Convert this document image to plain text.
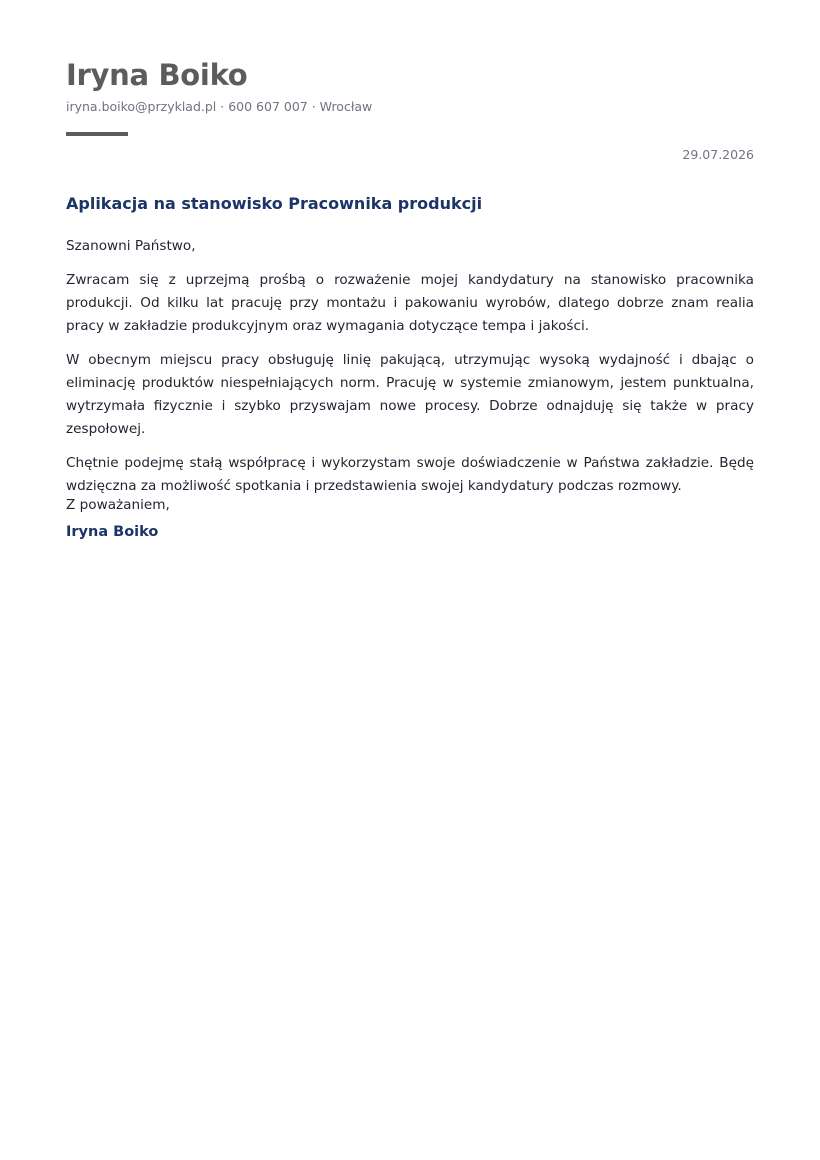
Iryna Boiko
iryna.boiko@przyklad.pl · 600 607 007 · Wrocław
29.07.2026
Aplikacja na stanowisko Pracownika produkcji

Szanowni Państwo,

Zwracam się z uprzejmą prośbą o rozważenie mojej kandydatury na stanowisko pracownika produkcji. Od kilku lat pracuję przy montażu i pakowaniu wyrobów, dlatego dobrze znam realia pracy w zakładzie produkcyjnym oraz wymagania dotyczące tempa i jakości.

W obecnym miejscu pracy obsługuję linię pakującą, utrzymując wysoką wydajność i dbając o eliminację produktów niespełniających norm. Pracuję w systemie zmianowym, jestem punktualna, wytrzymała fizycznie i szybko przyswajam nowe procesy. Dobrze odnajduję się także w pracy zespołowej.

Chętnie podejmę stałą współpracę i wykorzystam swoje doświadczenie w Państwa zakładzie. Będę wdzięczna za możliwość spotkania i przedstawienia swojej kandydatury podczas rozmowy.

Z poważaniem,
Iryna Boiko
